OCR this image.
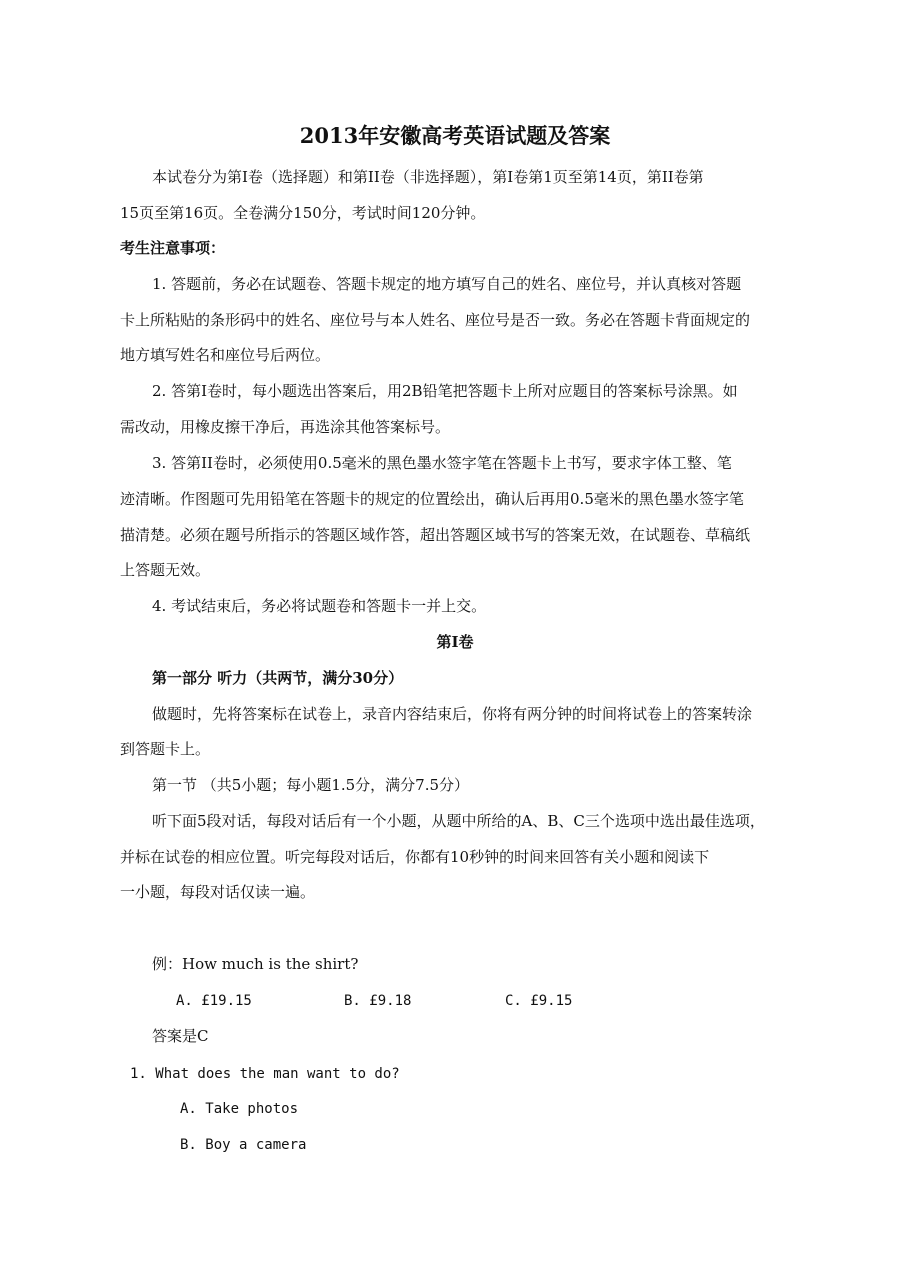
2013年安徽高考英语试题及答案

本试卷分为第Ⅰ卷（选择题）和第II卷（非选择题），第Ⅰ卷第1页至第14页，第II卷第

15页至第16页。全卷满分150分，考试时间120分钟。

考生注意事项：

1. 答题前，务必在试题卷、答题卡规定的地方填写自己的姓名、座位号，并认真核对答题

卡上所粘贴的条形码中的姓名、座位号与本人姓名、座位号是否一致。务必在答题卡背面规定的

地方填写姓名和座位号后两位。

2. 答第Ⅰ卷时，每小题选出答案后，用2B铅笔把答题卡上所对应题目的答案标号涂黑。如

需改动，用橡皮擦干净后，再选涂其他答案标号。

3. 答第II卷时，必须使用0.5毫米的黑色墨水签字笔在答题卡上书写，要求字体工整、笔

迹清晰。作图题可先用铅笔在答题卡的规定的位置绘出，确认后再用0.5毫米的黑色墨水签字笔

描清楚。必须在题号所指示的答题区域作答，超出答题区域书写的答案无效，在试题卷、草稿纸

上答题无效。

4. 考试结束后，务必将试题卷和答题卡一并上交。

第Ⅰ卷

第一部分 听力（共两节，满分30分）

做题时，先将答案标在试卷上，录音内容结束后，你将有两分钟的时间将试卷上的答案转涂

到答题卡上。

第一节 （共5小题；每小题1.5分，满分7.5分）

听下面5段对话，每段对话后有一个小题，从题中所给的A、B、C三个选项中选出最佳选项，

并标在试卷的相应位置。听完每段对话后，你都有10秒钟的时间来回答有关小题和阅读下

一小题，每段对话仅读一遍。

例：How much is the shirt?

A. £19.15	B. £9.18	C. £9.15

答案是C

1. What does the man want to do?

A. Take photos

B. Boy a camera
